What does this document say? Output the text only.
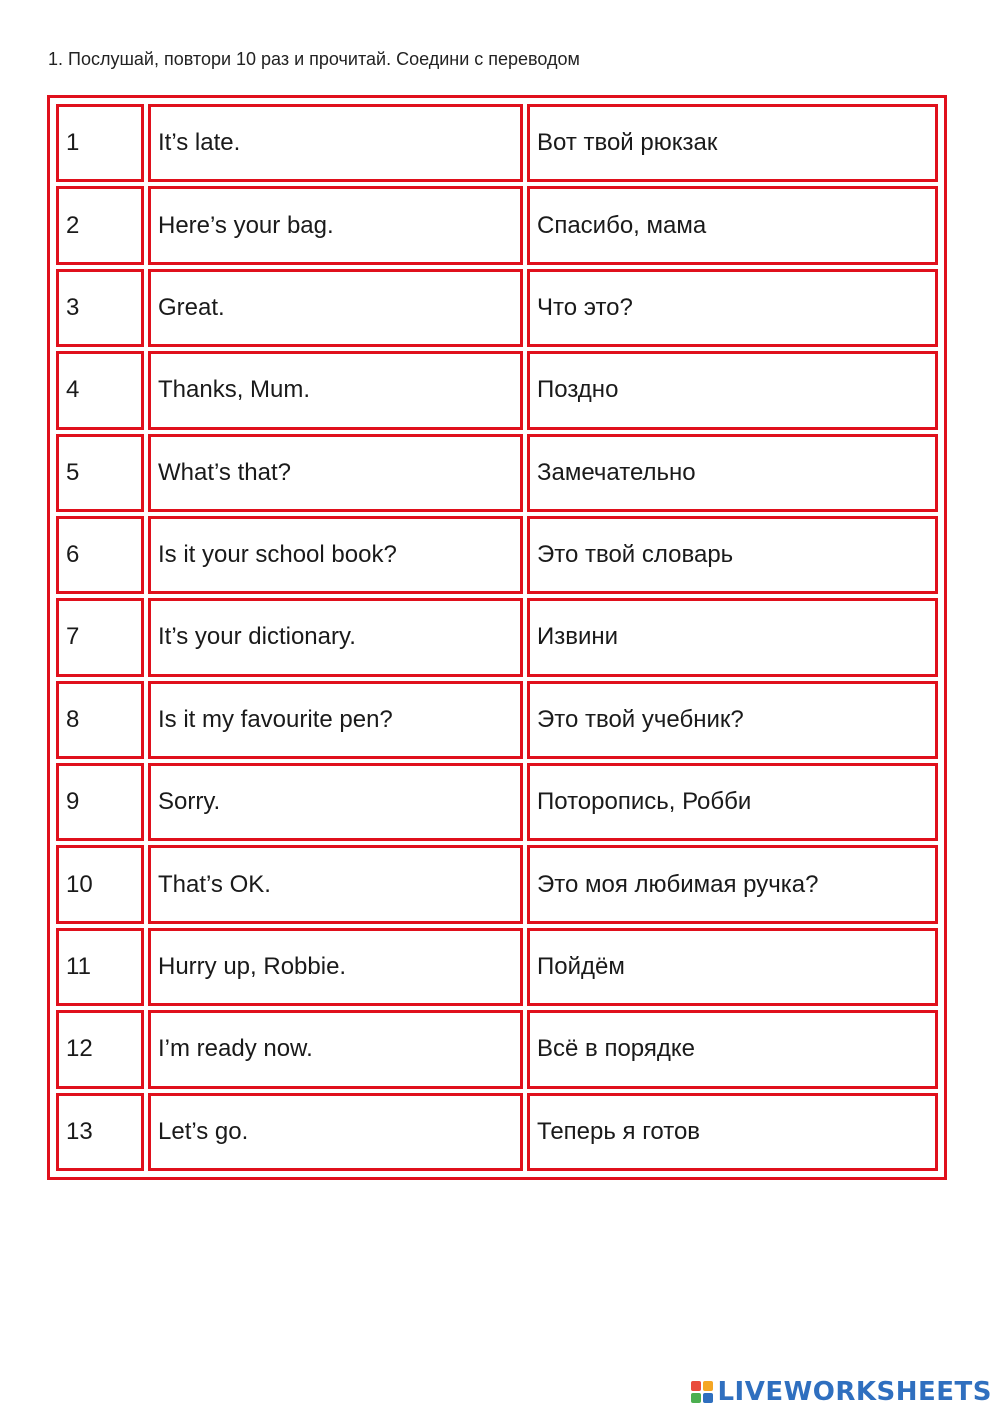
1. Послушай, повтори 10 раз и прочитай. Соедини с переводом
1	It’s late.	Вот твой рюкзак
2	Here’s your bag.	Спасибо, мама
3	Great.	Что это?
4	Thanks, Mum.	Поздно
5	What’s that?	Замечательно
6	Is it your school book?	Это твой словарь
7	It’s your dictionary.	Извини
8	Is it my favourite pen?	Это твой учебник?
9	Sorry.	Поторопись, Робби
10	That’s OK.	Это моя любимая ручка?
11	Hurry up, Robbie.	Пойдём
12	I’m ready now.	Всё в порядке
13	Let’s go.	Теперь я готов
LIVEWORKSHEETS
